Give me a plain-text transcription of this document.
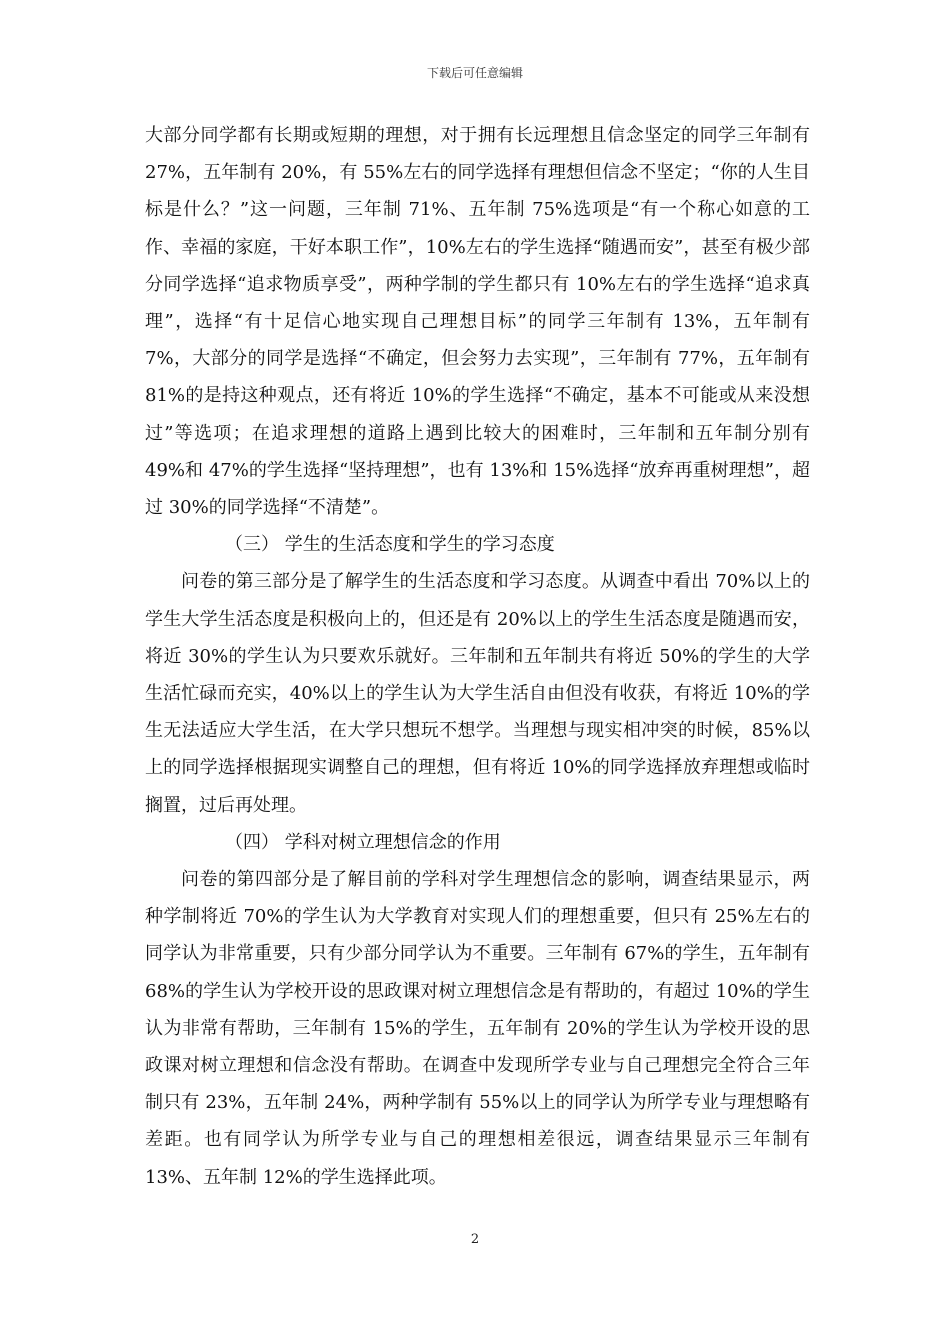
下载后可任意编辑

大部分同学都有长期或短期的理想，对于拥有长远理想且信念坚定的同学三年制有 27%，五年制有 20%，有 55%左右的同学选择有理想但信念不坚定；“你的人生目标是什么？”这一问题，三年制 71%、五年制 75%选项是“有一个称心如意的工作、幸福的家庭，干好本职工作”，10%左右的学生选择“随遇而安”，甚至有极少部分同学选择“追求物质享受”，两种学制的学生都只有 10%左右的学生选择“追求真理”，选择“有十足信心地实现自己理想目标”的同学三年制有 13%，五年制有 7%，大部分的同学是选择“不确定，但会努力去实现”，三年制有 77%，五年制有 81%的是持这种观点，还有将近 10%的学生选择“不确定，基本不可能或从来没想过”等选项；在追求理想的道路上遇到比较大的困难时，三年制和五年制分别有 49%和 47%的学生选择“坚持理想”，也有 13%和 15%选择“放弃再重树理想”，超过 30%的同学选择“不清楚”。

（三） 学生的生活态度和学生的学习态度

问卷的第三部分是了解学生的生活态度和学习态度。从调查中看出 70%以上的学生大学生活态度是积极向上的，但还是有 20%以上的学生生活态度是随遇而安，将近 30%的学生认为只要欢乐就好。三年制和五年制共有将近 50%的学生的大学生活忙碌而充实，40%以上的学生认为大学生活自由但没有收获，有将近 10%的学生无法适应大学生活，在大学只想玩不想学。当理想与现实相冲突的时候，85%以上的同学选择根据现实调整自己的理想，但有将近 10%的同学选择放弃理想或临时搁置，过后再处理。

（四） 学科对树立理想信念的作用

问卷的第四部分是了解目前的学科对学生理想信念的影响，调查结果显示，两种学制将近 70%的学生认为大学教育对实现人们的理想重要，但只有 25%左右的同学认为非常重要，只有少部分同学认为不重要。三年制有 67%的学生，五年制有 68%的学生认为学校开设的思政课对树立理想信念是有帮助的，有超过 10%的学生认为非常有帮助，三年制有 15%的学生，五年制有 20%的学生认为学校开设的思政课对树立理想和信念没有帮助。在调查中发现所学专业与自己理想完全符合三年制只有 23%，五年制 24%，两种学制有 55%以上的同学认为所学专业与理想略有差距。也有同学认为所学专业与自己的理想相差很远，调查结果显示三年制有 13%、五年制 12%的学生选择此项。

2
